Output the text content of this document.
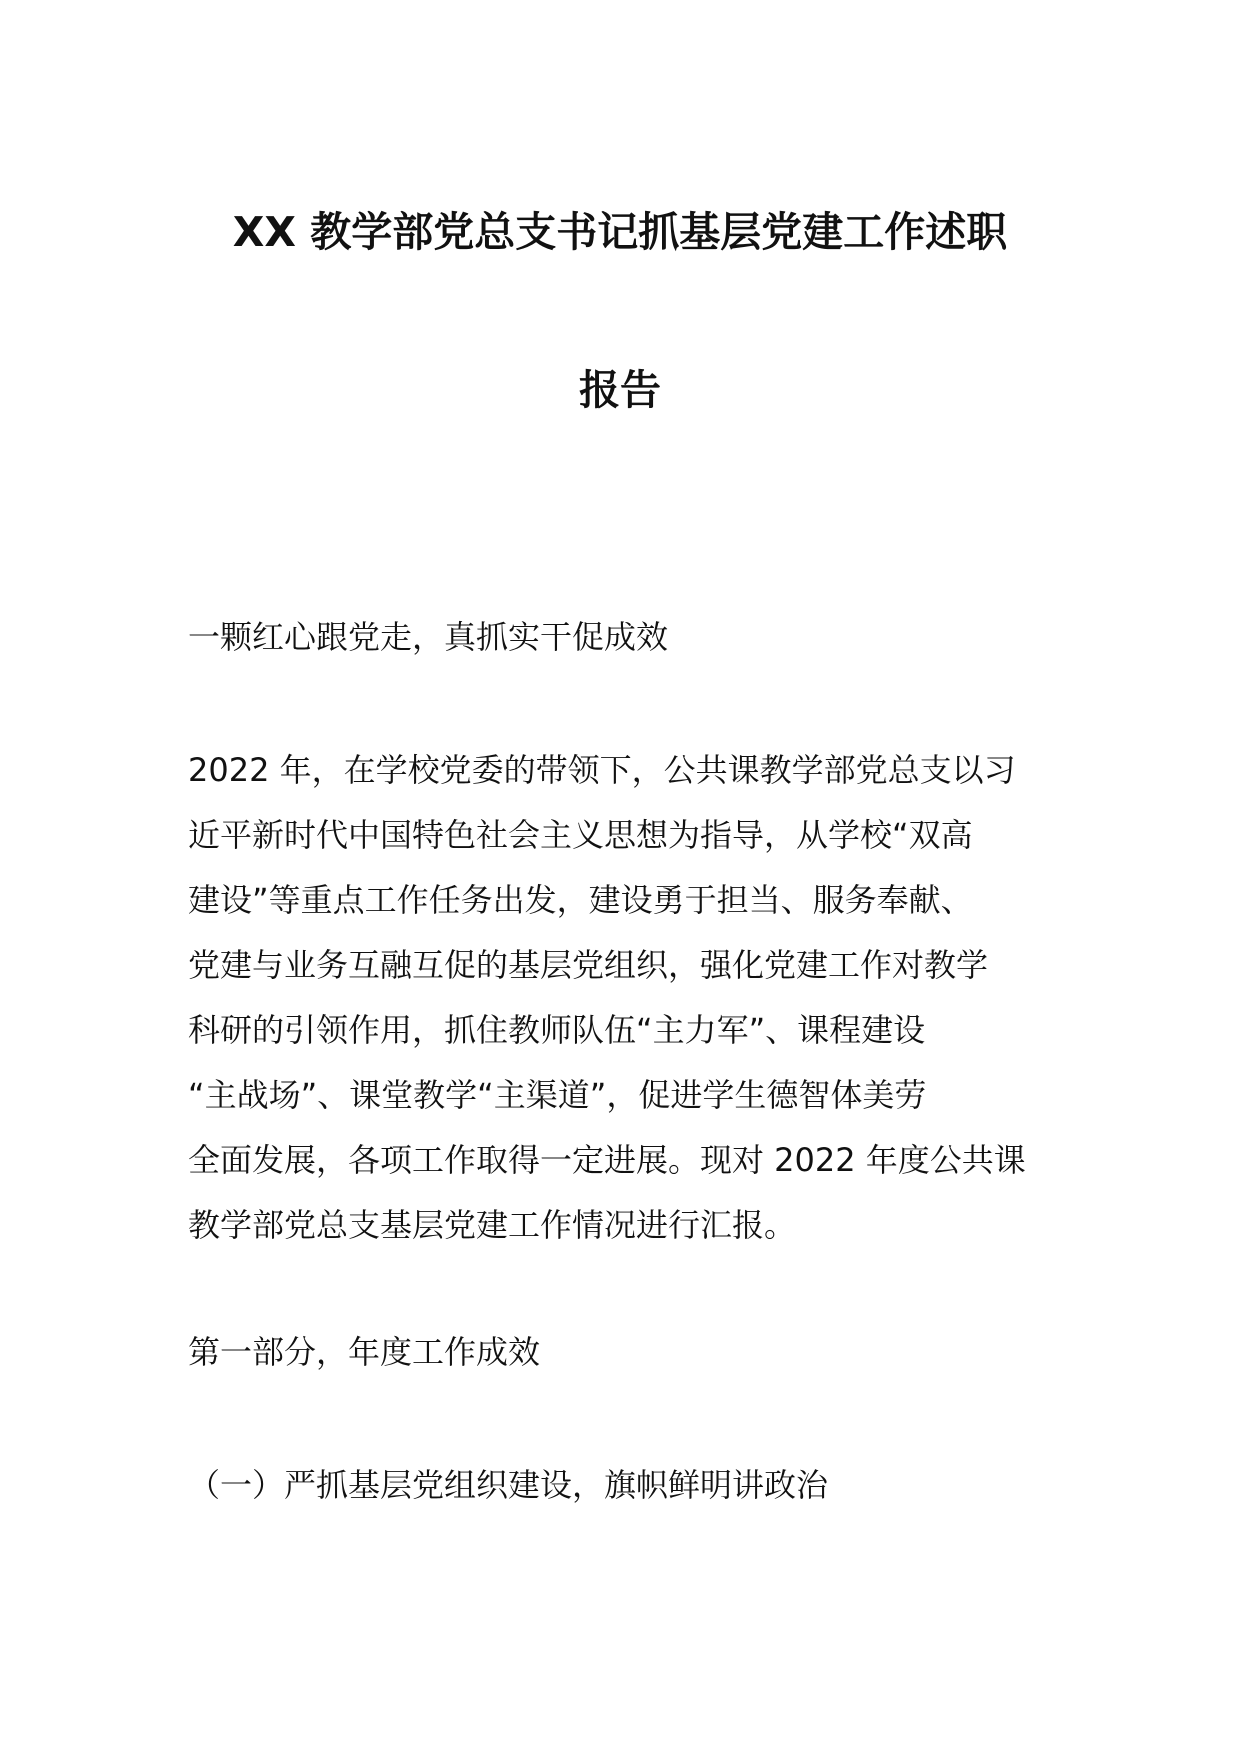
XX 教学部党总支书记抓基层党建工作述职
报告

一颗红心跟党走，真抓实干促成效

2022 年，在学校党委的带领下，公共课教学部党总支以习
近平新时代中国特色社会主义思想为指导，从学校“双高
建设”等重点工作任务出发，建设勇于担当、服务奉献、
党建与业务互融互促的基层党组织，强化党建工作对教学
科研的引领作用，抓住教师队伍“主力军”、课程建设
“主战场”、课堂教学“主渠道”，促进学生德智体美劳
全面发展，各项工作取得一定进展。现对 2022 年度公共课
教学部党总支基层党建工作情况进行汇报。

第一部分，年度工作成效

（一）严抓基层党组织建设，旗帜鲜明讲政治
